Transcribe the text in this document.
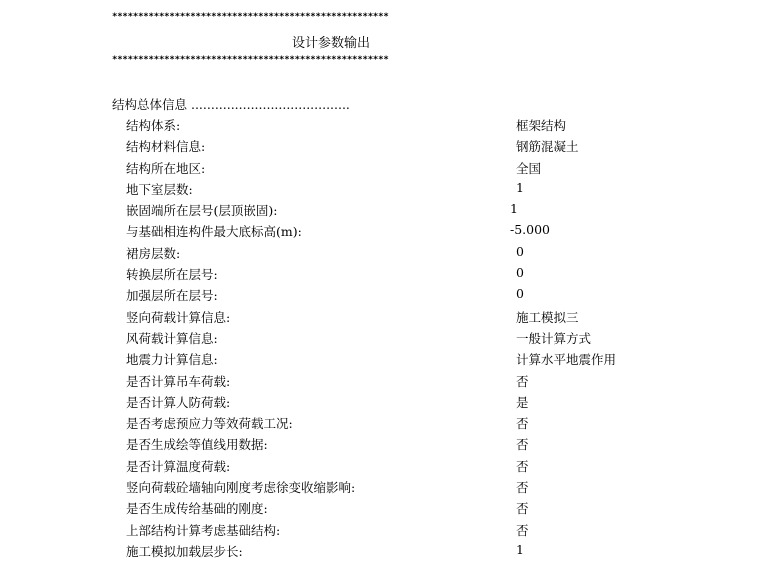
*****************************************************
设计参数输出
*****************************************************
结构总体信息 ........................................
结构体系:	框架结构
结构材料信息:	钢筋混凝土
结构所在地区:	全国
地下室层数:	1
嵌固端所在层号(层顶嵌固):	1
与基础相连构件最大底标高(m):	-5.000
裙房层数:	0
转换层所在层号:	0
加强层所在层号:	0
竖向荷载计算信息:	施工模拟三
风荷载计算信息:	一般计算方式
地震力计算信息:	计算水平地震作用
是否计算吊车荷载:	否
是否计算人防荷载:	是
是否考虑预应力等效荷载工况:	否
是否生成绘等值线用数据:	否
是否计算温度荷载:	否
竖向荷载砼墙轴向刚度考虑徐变收缩影响:	否
是否生成传给基础的刚度:	否
上部结构计算考虑基础结构:	否
施工模拟加载层步长:	1
